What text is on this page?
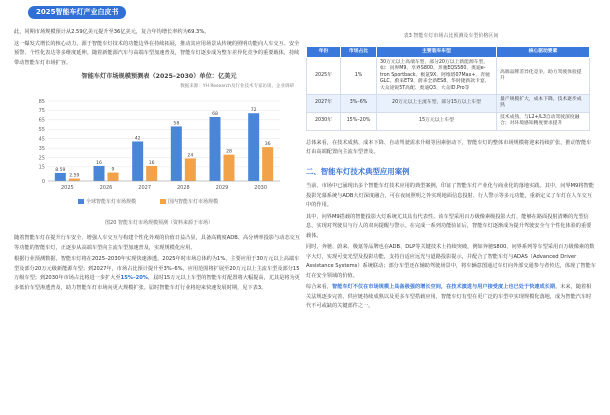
2025智能车灯产业白皮书

此，同期市场规模预计从2.59亿美元提升至36亿美元，复合年均增长率约为69.3%。

这一爆发式增长的核心动力，源于智能车灯技术的功能边界在持续拓展，推动其应用场景从传统的照明功能向人车交互、安全预警、个性化表达等多维度延伸。随着新能源汽车与高端车型加速普及，智能车灯逐步成为整车差异化竞争的重要载体，持续带动智能车灯市场扩容。

智能车灯市场规模预测表（2025–2030）单位：亿美元
数据来源：YH Research及行业技术专家访谈，企业调研
0
15
25
35
45
55
65
75
85
8.59
2.59
2025
16
9
2026
42
16
2027
58
24
2028
68
28
2029
72
36
2030
全球智能车灯市场规模	国内智能车灯市场规模
图20 智能车灯市场规模预测（资料来源于市场）

随着智能车灯在提升行车安全、增强人车交互与构建个性化外观的价值日益凸显，具备高精度ADB、高分辨率投影与动态交互等功能的智能车灯，正逐步从高端车型向主流车型加速普及，实现规模化应用。

根据行业预测数据，智能车灯将在2025–2030年实现快速渗透。2025年时市场总体约为1%，主要应用于30万元以上高端车型及部分20万元级新能源车型；到2027年，市场占比预计提升至3%–6%，应用范围将扩展至20万元以上主流车型及部分15万级车型；到2030年市场占比将进一步扩大至15%–20%，届时15万元以上车型的智能车灯配置将大幅提高，尤其是将为更多低价车型渗透普及，助力智能车灯市场向更大规模扩张。届时智能车灯行业将迎来快速发展时期，见下表3。

表3 智能车灯市场占比预测及车型价格区间
年份	市场占比	主要装车车型	核心驱动要素
2025年	1%	30万元以上高端车型，部分20万以上新能源车型，如：问界M9、享界S800、奔驰EQS580、奥迪e-tron Sportback、极氪9X、阿维塔07Max+、奔驰GLC、蔚来ET9、蔚来全新ES8、华时捷新款卡宴、大众途锐5T高配、奥迪Q3、大众ID.Pro等	高端品牌差异化竞争，助力驾驶体验提升
2027年	3%–6%	20万元以上主流车型，部分15万以上车型	量产规模扩大，成本下降，技术逐步成熟
2030年	15%–20%	15万元以上车型	技术成熟，与L2+/L3自动驾驶深度融合；对环境感知精度要求提升

总体来看，在技术成熟、成本下降、自动驾驶需求升级等因素驱动下，智能车灯的整体市场规模将迎来持续扩张，推动智能车灯由高端配置向主流车型普及。

二、智能车灯技术典型应用案例

当前，市场中已涌现出多个智能车灯技术应用的典型案例，印证了智能车灯产业化与商业化的落地实践。其中，问界M9将智能投影光幕系统与ADB大灯深度融合，可在夜间照明之外实现地面信息投射、行人警示等多元功能，重新定义了车灯在人车交互中的作用。

其中，问界M9搭载的智能投影大灯系统尤其具有代表性。该车型采用百万级像素级投影大灯，能够在路面投射清晰的光型信息，实现对驾驶员与行人的双向提醒与警示。在完成一系列功能验证后，智能车灯逐渐成为提升驾驶安全与个性化体验的重要载体。

同时，奔驰、蔚来、极氪等品牌也在ADB、DLP等关键技术上持续突破，例如奔驰S800、问界系列等车型采用百万级像素的数字大灯，实现可变光型及投影功能，支持自适应远光与道路投影提示，并配合了智能车灯与ADAS（Advanced Driver Assistance Systems）系统联动；部分车型还在辅助驾驶场景中，将车辆意图通过车灯向外部交通参与者传达，体现了智能车灯在安全领域的价值。

综合来看，智能车灯不仅在市场规模上具备极强的增长空间，在技术演进与用户接受度上也已处于快速成长期。未来，随着相关法规逐步完善、供应链持续成熟以及更多车型搭载应用，智能车灯有望在更广泛的车型中实现规模化落地，成为智能汽车时代不可或缺的关键部件之一。
